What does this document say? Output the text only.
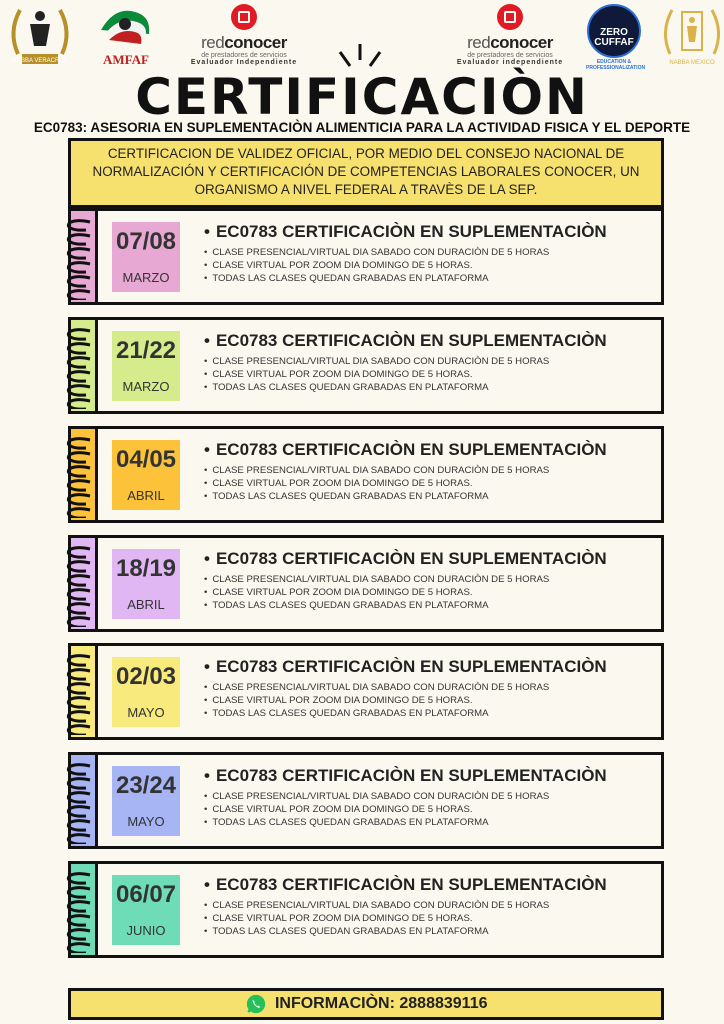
NABBA VERACRUZ	AMFAF
redconocer
de prestadores de servicios
Evaluador Independiente
redconocer
de prestadores de servicios
Evaluador independiente
ZERO
CUFFAF
EDUCATION & PROFESSIONALIZATION
NABBA MEXICO
CERTIFICACIÒN
EC0783: ASESORIA EN SUPLEMENTACIÒN ALIMENTICIA PARA LA ACTIVIDAD FISICA Y EL DEPORTE
CERTIFICACION DE VALIDEZ OFICIAL, POR MEDIO DEL CONSEJO NACIONAL DE NORMALIZACIÓN Y CERTIFICACIÓN DE COMPETENCIAS LABORALES CONOCER, UN ORGANISMO A NIVEL FEDERAL A TRAVÈS DE LA SEP.
07/08
MARZO
• EC0783 CERTIFICACIÒN EN SUPLEMENTACIÒN
• CLASE PRESENCIAL/VIRTUAL DIA SABADO CON DURACIÒN DE 5 HORAS
• CLASE VIRTUAL POR ZOOM DIA DOMINGO DE 5 HORAS.
• TODAS LAS CLASES QUEDAN GRABADAS EN PLATAFORMA
21/22
MARZO
• EC0783 CERTIFICACIÒN EN SUPLEMENTACIÒN
• CLASE PRESENCIAL/VIRTUAL DIA SABADO CON DURACIÒN DE 5 HORAS
• CLASE VIRTUAL POR ZOOM DIA DOMINGO DE 5 HORAS.
• TODAS LAS CLASES QUEDAN GRABADAS EN PLATAFORMA
04/05
ABRIL
• EC0783 CERTIFICACIÒN EN SUPLEMENTACIÒN
• CLASE PRESENCIAL/VIRTUAL DIA SABADO CON DURACIÒN DE 5 HORAS
• CLASE VIRTUAL POR ZOOM DIA DOMINGO DE 5 HORAS.
• TODAS LAS CLASES QUEDAN GRABADAS EN PLATAFORMA
18/19
ABRIL
• EC0783 CERTIFICACIÒN EN SUPLEMENTACIÒN
• CLASE PRESENCIAL/VIRTUAL DIA SABADO CON DURACIÒN DE 5 HORAS
• CLASE VIRTUAL POR ZOOM DIA DOMINGO DE 5 HORAS.
• TODAS LAS CLASES QUEDAN GRABADAS EN PLATAFORMA
02/03
MAYO
• EC0783 CERTIFICACIÒN EN SUPLEMENTACIÒN
• CLASE PRESENCIAL/VIRTUAL DIA SABADO CON DURACIÒN DE 5 HORAS
• CLASE VIRTUAL POR ZOOM DIA DOMINGO DE 5 HORAS.
• TODAS LAS CLASES QUEDAN GRABADAS EN PLATAFORMA
23/24
MAYO
• EC0783 CERTIFICACIÒN EN SUPLEMENTACIÒN
• CLASE PRESENCIAL/VIRTUAL DIA SABADO CON DURACIÒN DE 5 HORAS
• CLASE VIRTUAL POR ZOOM DIA DOMINGO DE 5 HORAS.
• TODAS LAS CLASES QUEDAN GRABADAS EN PLATAFORMA
06/07
JUNIO
• EC0783 CERTIFICACIÒN EN SUPLEMENTACIÒN
• CLASE PRESENCIAL/VIRTUAL DIA SABADO CON DURACIÒN DE 5 HORAS
• CLASE VIRTUAL POR ZOOM DIA DOMINGO DE 5 HORAS.
• TODAS LAS CLASES QUEDAN GRABADAS EN PLATAFORMA
INFORMACIÒN: 2888839116
